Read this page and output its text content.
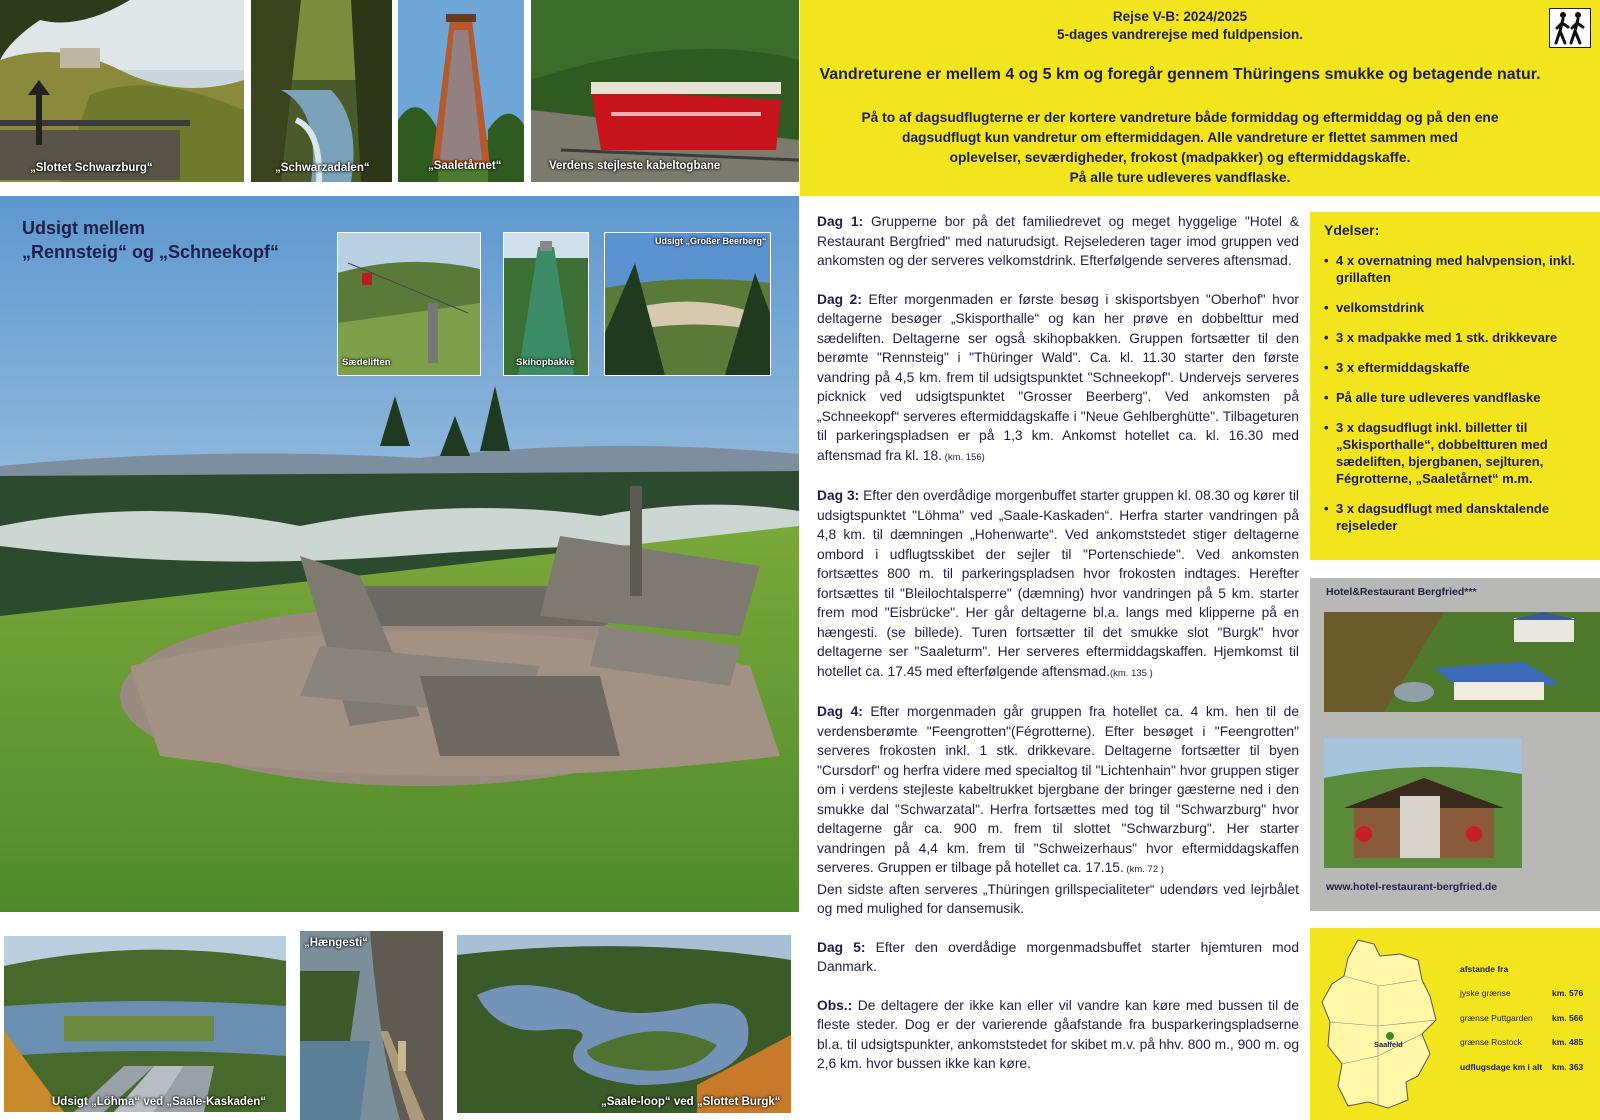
„Slottet Schwarzburg“	„Schwarzadalen“	„Saaletårnet“	Verdens stejleste kabeltogbane
Rejse V-B: 2024/2025
5-dages vandrerejse med fuldpension.
Vandreturene er mellem 4 og 5 km og foregår gennem Thüringens smukke og betagende natur.
På to af dagsudflugterne er der kortere vandreture både formiddag og eftermiddag og på den ene
dagsudflugt kun vandretur om eftermiddagen. Alle vandreture er flettet sammen med
oplevelser, seværdigheder, frokost (madpakker) og eftermiddagskaffe.
På alle ture udleveres vandflaske.
Udsigt mellem
„Rennsteig“ og „Schneekopf“
Sædeliften	Skihopbakke
Udsigt „Großer Beerberg“
Udsigt „Löhma“ ved „Saale-Kaskaden“
„Hængesti“
„Saale-loop“ ved „Slottet Burgk“

Dag 1: Grupperne bor på det familiedrevet og meget hyggelige "Hotel & Restaurant Bergfried" med naturudsigt. Rejselederen tager imod gruppen ved ankomsten og der serveres velkomstdrink. Efterfølgende serveres aftensmad.

Dag 2: Efter morgenmaden er første besøg i skisportsbyen "Oberhof" hvor deltagerne besøger „Skisporthalle“ og kan her prøve en dobbelttur med sædeliften. Deltagerne ser også skihopbakken. Gruppen fortsætter til den berømte "Rennsteig" i "Thüringer Wald". Ca. kl. 11.30 starter den første vandring på 4,5 km. frem til udsigtspunktet "Schneekopf". Undervejs serveres picknick ved udsigtspunktet "Grosser Beerberg". Ved ankomsten på „Schneekopf“ serveres eftermiddagskaffe i "Neue Gehlberghütte". Tilbageturen til parkeringspladsen er på 1,3 km. Ankomst hotellet ca. kl. 16.30 med aftensmad fra kl. 18. (km. 156)

Dag 3: Efter den overdådige morgenbuffet starter gruppen kl. 08.30 og kører til udsigtspunktet "Löhma" ved „Saale-Kaskaden“. Herfra starter vandringen på 4,8 km. til dæmningen „Hohenwarte“. Ved ankomststedet stiger deltagerne ombord i udflugtsskibet der sejler til "Portenschiede". Ved ankomsten fortsættes 800 m. til parkeringspladsen hvor frokosten indtages. Herefter fortsættes til "Bleilochtalsperre" (dæmning) hvor vandringen på 5 km. starter frem mod "Eisbrücke". Her går deltagerne bl.a. langs med klipperne på en hængesti. (se billede). Turen fortsætter til det smukke slot "Burgk" hvor deltagerne ser "Saaleturm". Her serveres eftermiddagskaffen. Hjemkomst til hotellet ca. 17.45 med efterfølgende aftensmad.(km. 135 )

Dag 4: Efter morgenmaden går gruppen fra hotellet ca. 4 km. hen til de verdensberømte "Feengrotten"(Fégrotterne). Efter besøget i "Feengrotten" serveres frokosten inkl. 1 stk. drikkevare. Deltagerne fortsætter til byen "Cursdorf" og herfra videre med specialtog til "Lichtenhain" hvor gruppen stiger om i verdens stejleste kabeltrukket bjergbane der bringer gæsterne ned i den smukke dal "Schwarzatal". Herfra fortsættes med tog til "Schwarzburg" hvor deltagerne går ca. 900 m. frem til slottet "Schwarzburg". Her starter vandringen på 4,4 km. frem til "Schweizerhaus" hvor eftermiddagskaffen serveres. Gruppen er tilbage på hotellet ca. 17.15. (km. 72 )

Den sidste aften serveres „Thüringen grillspecialiteter“ udendørs ved lejrbålet og med mulighed for dansemusik.

Dag 5: Efter den overdådige morgenmadsbuffet starter hjemturen mod Danmark.

Obs.: De deltagere der ikke kan eller vil vandre kan køre med bussen til de fleste steder. Dog er der varierende gåafstande fra busparkeringspladserne bl.a. til udsigtspunkter, ankomststedet for skibet m.v. på hhv. 800 m., 900 m. og 2,6 km. hvor bussen ikke kan køre.

Ydelser:
• 4 x overnatning med halvpension, inkl. grillaften
• velkomstdrink
• 3 x madpakke med 1 stk. drikkevare
• 3 x eftermiddagskaffe
• På alle ture udleveres vandflaske
• 3 x dagsudflugt inkl. billetter til „Skisporthalle“, dobbeltturen med sædeliften, bjergbanen, sejlturen, Fégrotterne, „Saaletårnet“ m.m.
• 3 x dagsudflugt med dansktalende rejseleder
Hotel&Restaurant Bergfried***
www.hotel-restaurant-bergfried.de
Saalfeld
afstande fra
jyske grænse	km. 576
grænse Puttgarden km. 566
grænse Rostock	km. 485
udflugsdage km i alt km. 363
